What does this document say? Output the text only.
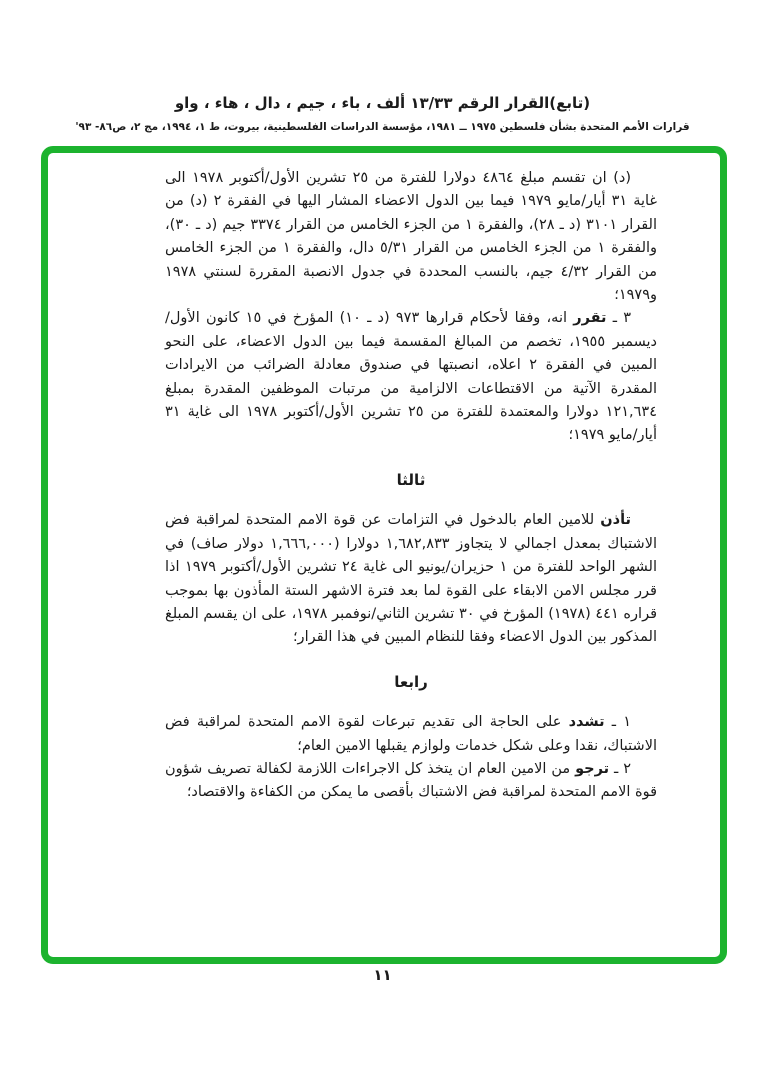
(تابع)القرار الرقم ١٣/٣٣ ألف ، باء ، جيم ، دال ، هاء ، واو
قرارات الأمم المتحدة بشأن فلسطين ١٩٧٥ ــ ١٩٨١، مؤسسة الدراسات الفلسطينية، بيروت، ط ١، ١٩٩٤، مج ٢، ص٨٦- ٩٣'

(د) ان تقسم مبلغ ٤٨٦٤ دولارا للفترة من ٢٥ تشرين الأول/أكتوبر ١٩٧٨ الى غاية ٣١ أيار/مايو ١٩٧٩ فيما بين الدول الاعضاء المشار اليها في الفقرة ٢ (د) من القرار ٣١٠١ (د ـ ٢٨)، والفقرة ١ من الجزء الخامس من القرار ٣٣٧٤ جيم (د ـ ٣٠)، والفقرة ١ من الجزء الخامس من القرار ٥/٣١ دال، والفقرة ١ من الجزء الخامس من القرار ٤/٣٢ جيم، بالنسب المحددة في جدول الانصبة المقررة لسنتي ١٩٧٨ و١٩٧٩؛

٣ ـ تقرر انه، وفقا لأحكام قرارها ٩٧٣ (د ـ ١٠) المؤرخ في ١٥ كانون الأول/ديسمبر ١٩٥٥، تخصم من المبالغ المقسمة فيما بين الدول الاعضاء، على النحو المبين في الفقرة ٢ اعلاه، انصبتها في صندوق معادلة الضرائب من الايرادات المقدرة الآتية من الاقتطاعات الالزامية من مرتبات الموظفين المقدرة بمبلغ ١٢١,٦٣٤ دولارا والمعتمدة للفترة من ٢٥ تشرين الأول/أكتوبر ١٩٧٨ الى غاية ٣١ أيار/مايو ١٩٧٩؛

ثالثا

تأذن للامين العام بالدخول في التزامات عن قوة الامم المتحدة لمراقبة فض الاشتباك بمعدل اجمالي لا يتجاوز ١,٦٨٢,٨٣٣ دولارا (١,٦٦٦,٠٠٠ دولار صاف) في الشهر الواحد للفترة من ١ حزيران/يونيو الى غاية ٢٤ تشرين الأول/أكتوبر ١٩٧٩ اذا قرر مجلس الامن الابقاء على القوة لما بعد فترة الاشهر الستة المأذون بها بموجب قراره ٤٤١ (١٩٧٨) المؤرخ في ٣٠ تشرين الثاني/نوفمبر ١٩٧٨، على ان يقسم المبلغ المذكور بين الدول الاعضاء وفقا للنظام المبين في هذا القرار؛

رابعا

١ ـ تشدد على الحاجة الى تقديم تبرعات لقوة الامم المتحدة لمراقبة فض الاشتباك، نقدا وعلى شكل خدمات ولوازم يقبلها الامين العام؛

٢ ـ ترجو من الامين العام ان يتخذ كل الاجراءات اللازمة لكفالة تصريف شؤون قوة الامم المتحدة لمراقبة فض الاشتباك بأقصى ما يمكن من الكفاءة والاقتصاد؛

١١
